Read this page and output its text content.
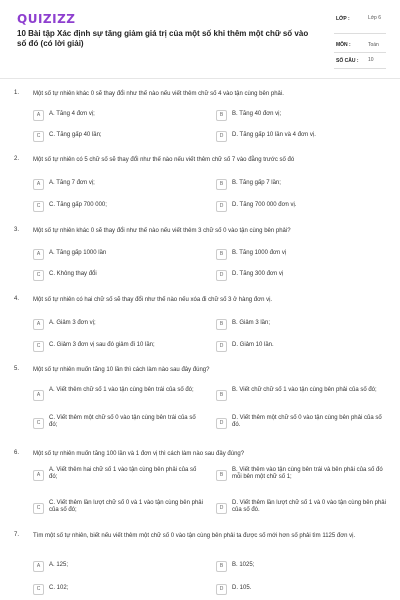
QUIZIZZ
10 Bài tập Xác định sự tăng giảm giá trị của một số khi thêm một chữ số vào số đó (có lời giải)
LỚP :	Lớp 6
MÔN :	Toán
SỐ CÂU : 10
1. Một số tự nhiên khác 0 sẽ thay đổi như thế nào nếu viết thêm chữ số 4 vào tận cùng bên phải.
A	A. Tăng 4 đơn vị;	B	B. Tăng 40 đơn vị;
C	C. Tăng gấp 40 lần;	D	D. Tăng gấp 10 lần và 4 đơn vị.
2. Một số tự nhiên có 5 chữ số sẽ thay đổi như thế nào nếu viết thêm chữ số 7 vào đằng trước số đó
A	A. Tăng 7 đơn vị;	B	B. Tăng gấp 7 lần;
C	C. Tăng gấp 700 000;	D	D. Tăng 700 000 đơn vị.
3. Một số tự nhiên khác 0 sẽ thay đổi như thế nào nếu viết thêm 3 chữ số 0 vào tận cùng bên phải?
A	A. Tăng gấp 1000 lần	B	B. Tăng 1000 đơn vị
C	C. Không thay đổi	D	D. Tăng 300 đơn vị
4. Một số tự nhiên có hai chữ số sẽ thay đổi như thế nào nếu xóa đi chữ số 3 ở hàng đơn vị.
A	A. Giảm 3 đơn vị;	B	B. Giảm 3 lần;
C	C. Giảm 3 đơn vị sau đó giảm đi 10 lần;	D	D. Giảm 10 lần.
5. Một số tự nhiên muốn tăng 10 lần thì cách làm nào sau đây đúng?
A
A. Viết thêm chữ số 1 vào tận cùng bên trái của số đó;
B
B. Viết chữ chữ số 1 vào tận cùng bên phải của số đó;
C
C. Viết thêm một chữ số 0 vào tận cùng bên trái của số đó;	D
D. Viết thêm một chữ số 0 vào tận cùng bên phải của số đó.
6. Một số tự nhiên muốn tăng 100 lần và 1 đơn vị thì cách làm nào sau đây đúng?
A
A. Viết thêm hai chữ số 1 vào tận cùng bên phải của số đó;	B
B. Viết thêm vào tận cùng bên trái và bên phải của số đó mỗi bên một chữ số 1;
C
C. Viết thêm lần lượt chữ số 0 và 1 vào tận cùng bên phải của số đó;	D
D. Viết thêm lần lượt chữ số 1 và 0 vào tận cùng bên phải của số đó.
7. Tìm một số tự nhiên, biết nếu viết thêm một chữ số 0 vào tận cùng bên phải ta được số mới hơn số phải tìm 1125 đơn vị.
A	A. 125;	B	B. 1025;
C	C. 102;	D	D. 105.
